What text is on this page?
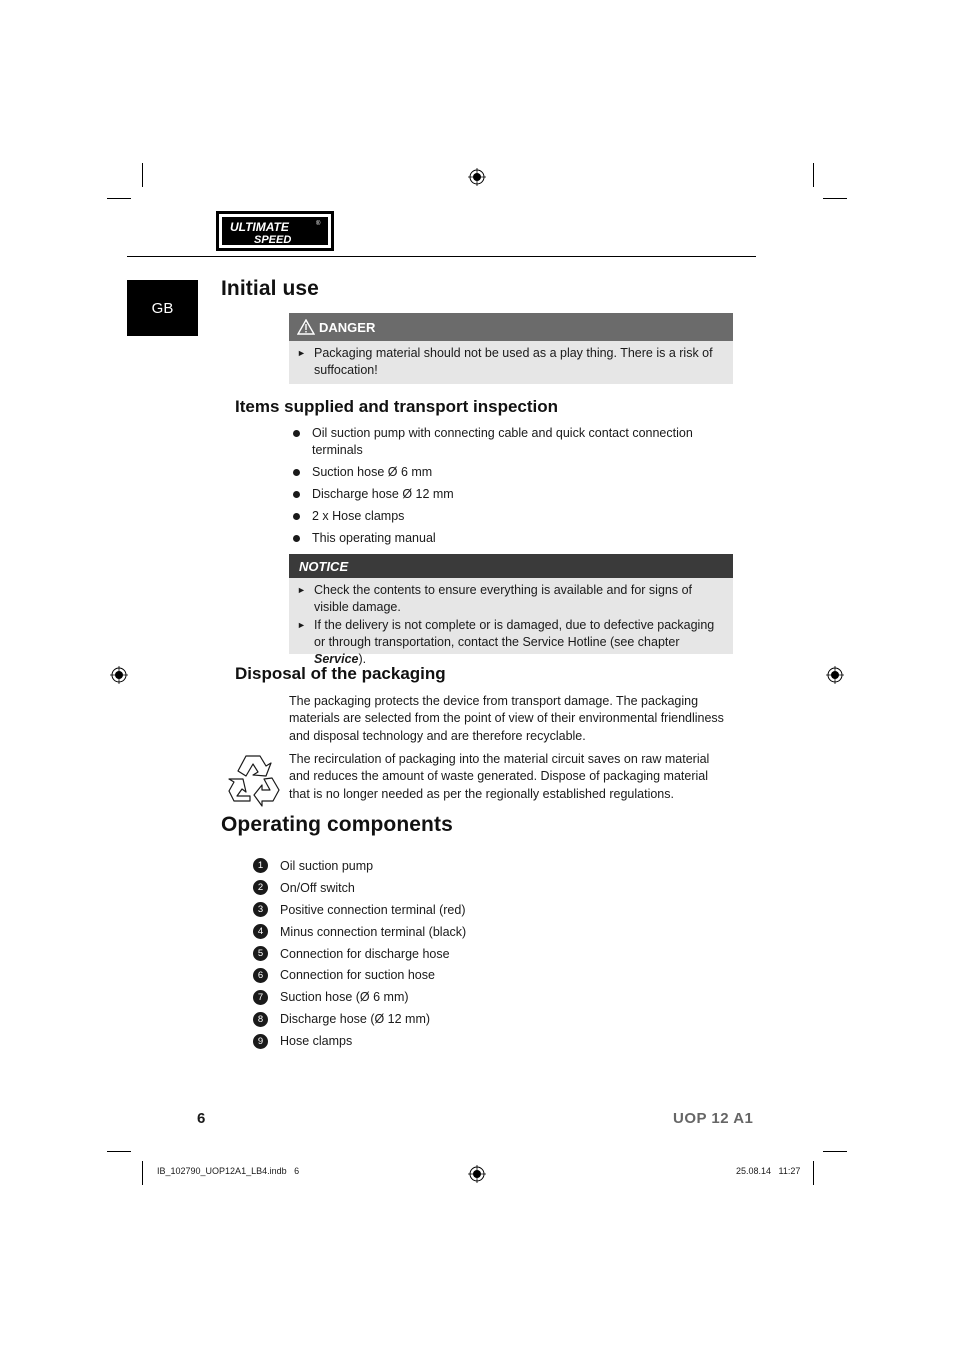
ULTIMATE
SPEED
®
GB
Initial use
DANGER
► Packaging material should not be used as a play thing. There is a risk of suffocation!
Items supplied and transport inspection
Oil suction pump with connecting cable and quick contact connection terminals
Suction hose Ø 6 mm
Discharge hose Ø 12 mm
2 x Hose clamps
This operating manual
NOTICE
► Check the contents to ensure everything is available and for signs of visible damage.
► If the delivery is not complete or is damaged, due to defective packaging or through transportation, contact the Service Hotline (see chapter Service).
Disposal of the packaging
The packaging protects the device from transport damage. The packaging materials are selected from the point of view of their environmental friendliness and disposal technology and are therefore recyclable.
The recirculation of packaging into the material circuit saves on raw material and reduces the amount of waste generated. Dispose of packaging material that is no longer needed as per the regionally established regulations.
Operating components
1	Oil suction pump
2	On/Off switch
3	Positive connection terminal (red)
4	Minus connection terminal (black)
5	Connection for discharge hose
6	Connection for suction hose
7	Suction hose (Ø 6 mm)
8	Discharge hose (Ø 12 mm)
9	Hose clamps
6	UOP 12 A1
IB_102790_UOP12A1_LB4.indb   6	25.08.14   11:27
